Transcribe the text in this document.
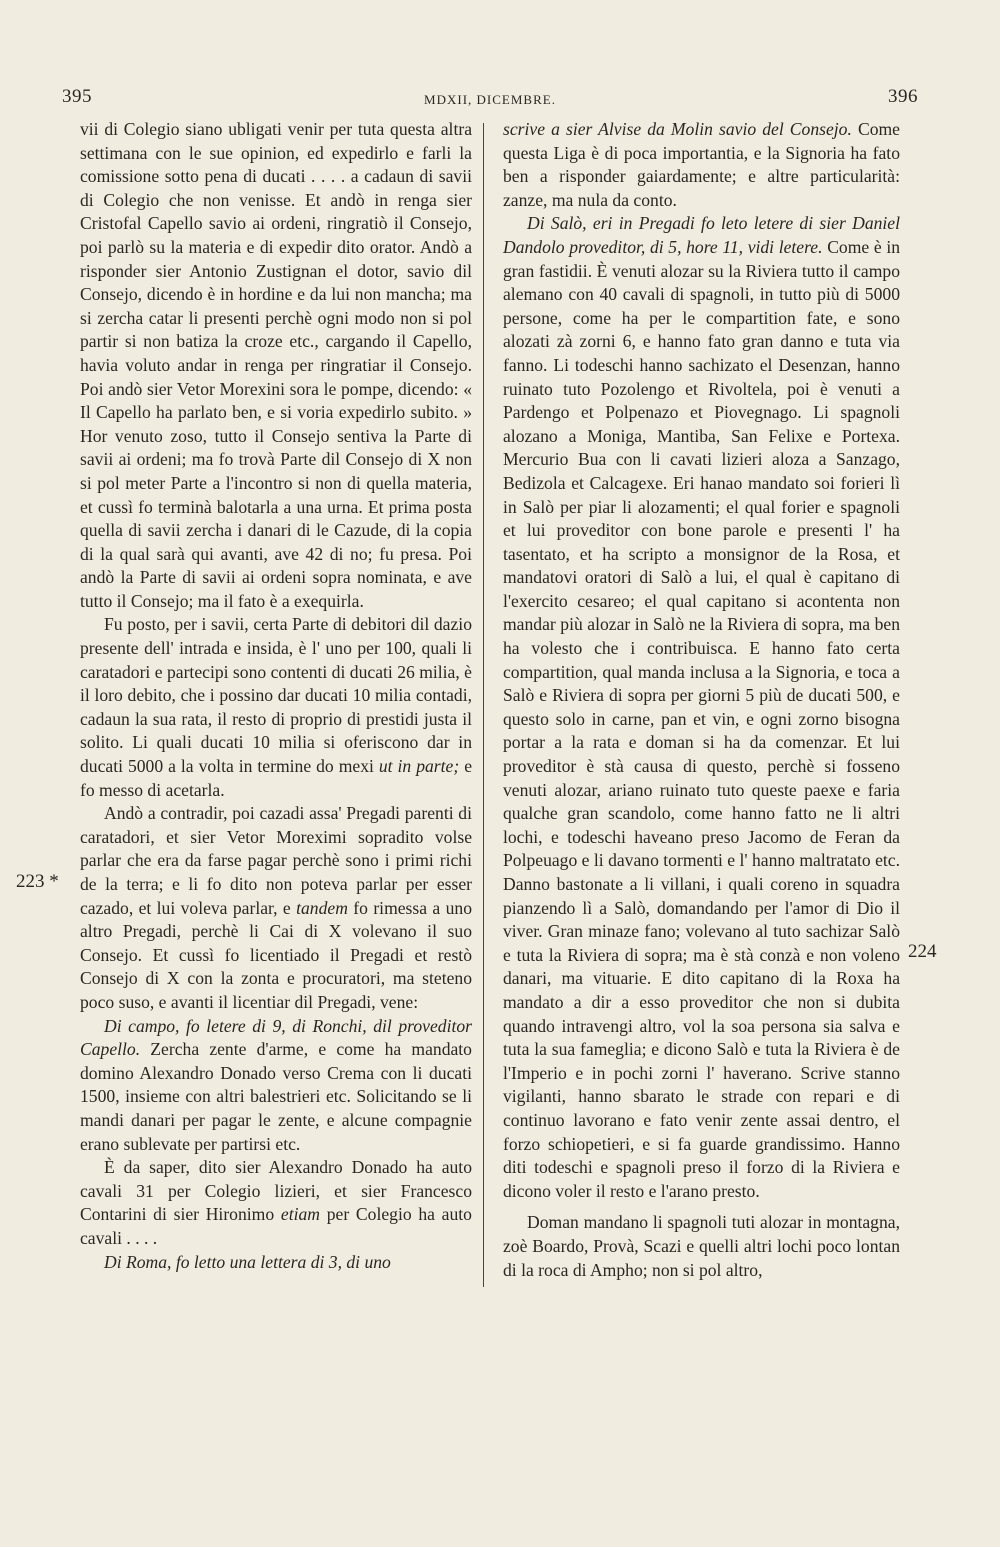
395	MDXII, DICEMBRE.	396
223 *
224

vii di Colegio siano ubligati venir per tuta questa altra settimana con le sue opinion, ed expedirlo e farli la comissione sotto pena di ducati . . . . a cadaun di savii di Colegio che non venisse. Et andò in renga sier Cristofal Capello savio ai ordeni, ringratiò il Consejo, poi parlò su la materia e di expedir dito orator. Andò a risponder sier Antonio Zustignan el dotor, savio dil Consejo, dicendo è in hordine e da lui non mancha; ma si zercha catar li presenti perchè ogni modo non si pol partir si non batiza la croze etc., cargando il Capello, havia voluto andar in renga per ringratiar il Consejo. Poi andò sier Vetor Morexini sora le pompe, dicendo: « Il Capello ha parlato ben, e si voria expedirlo subito. » Hor venuto zoso, tutto il Consejo sentiva la Parte di savii ai ordeni; ma fo trovà Parte dil Consejo di X non si pol meter Parte a l'incontro si non di quella materia, et cussì fo terminà balotarla a una urna. Et prima posta quella di savii zercha i danari di le Cazude, di la copia di la qual sarà qui avanti, ave 42 di no; fu presa. Poi andò la Parte di savii ai ordeni sopra nominata, e ave tutto il Consejo; ma il fato è a exequirla.

Fu posto, per i savii, certa Parte di debitori dil dazio presente dell' intrada e insida, è l' uno per 100, quali li caratadori e partecipi sono contenti di ducati 26 milia, è il loro debito, che i possino dar ducati 10 milia contadi, cadaun la sua rata, il resto di proprio di prestidi justa il solito. Li quali ducati 10 milia si oferiscono dar in ducati 5000 a la volta in termine do mexi ut in parte; e fo messo di acetarla.

Andò a contradir, poi cazadi assa' Pregadi parenti di caratadori, et sier Vetor Moreximi sopradito volse parlar che era da farse pagar perchè sono i primi richi de la terra; e li fo dito non poteva parlar per esser cazado, et lui voleva parlar, e tandem fo rimessa a uno altro Pregadi, perchè li Cai di X volevano il suo Consejo. Et cussì fo licentiado il Pregadi et restò Consejo di X con la zonta e procuratori, ma steteno poco suso, e avanti il licentiar dil Pregadi, vene:

Di campo, fo letere di 9, di Ronchi, dil proveditor Capello. Zercha zente d'arme, e come ha mandato domino Alexandro Donado verso Crema con li ducati 1500, insieme con altri balestrieri etc. Solicitando se li mandi danari per pagar le zente, e alcune compagnie erano sublevate per partirsi etc.

È da saper, dito sier Alexandro Donado ha auto cavali 31 per Colegio lizieri, et sier Francesco Contarini di sier Hironimo etiam per Colegio ha auto cavali . . . .

Di Roma, fo letto una lettera di 3, di uno

scrive a sier Alvise da Molin savio del Consejo. Come questa Liga è di poca importantia, e la Signoria ha fato ben a risponder gaiardamente; e altre particularità: zanze, ma nula da conto.

Di Salò, eri in Pregadi fo leto letere di sier Daniel Dandolo proveditor, di 5, hore 11, vidi letere. Come è in gran fastidii. È venuti alozar su la Riviera tutto il campo alemano con 40 cavali di spagnoli, in tutto più di 5000 persone, come ha per le compartition fate, e sono alozati zà zorni 6, e hanno fato gran danno e tuta via fanno. Li todeschi hanno sachizato el Desenzan, hanno ruinato tuto Pozolengo et Rivoltela, poi è venuti a Pardengo et Polpenazo et Piovegnago. Li spagnoli alozano a Moniga, Mantiba, San Felixe e Portexa. Mercurio Bua con li cavati lizieri aloza a Sanzago, Bedizola et Calcagexe. Eri hanao mandato soi forieri lì in Salò per piar li alozamenti; el qual forier e spagnoli et lui proveditor con bone parole e presenti l' ha tasentato, et ha scripto a monsignor de la Rosa, et mandatovi oratori di Salò a lui, el qual è capitano di l'exercito cesareo; el qual capitano si acontenta non mandar più alozar in Salò ne la Riviera di sopra, ma ben ha volesto che i contribuisca. E hanno fato certa compartition, qual manda inclusa a la Signoria, e toca a Salò e Riviera di sopra per giorni 5 più de ducati 500, e questo solo in carne, pan et vin, e ogni zorno bisogna portar a la rata e doman si ha da comenzar. Et lui proveditor è stà causa di questo, perchè si fosseno venuti alozar, ariano ruinato tuto queste paexe e faria qualche gran scandolo, come hanno fatto ne li altri lochi, e todeschi haveano preso Jacomo de Feran da Polpeuago e li davano tormenti e l' hanno maltratato etc. Danno bastonate a li villani, i quali coreno in squadra pianzendo lì a Salò, domandando per l'amor di Dio il viver. Gran minaze fano; volevano al tuto sachizar Salò e tuta la Riviera di sopra; ma è stà conzà e non voleno danari, ma vituarie. E dito capitano di la Roxa ha mandato a dir a esso proveditor che non si dubita quando intravengi altro, vol la soa persona sia salva e tuta la sua fameglia; e dicono Salò e tuta la Riviera è de l'Imperio e in pochi zorni l' haverano. Scrive stanno vigilanti, hanno sbarato le strade con repari e di continuo lavorano e fato venir zente assai dentro, el forzo schiopetieri, e si fa guarde grandissimo. Hanno diti todeschi e spagnoli preso il forzo di la Riviera e dicono voler il resto e l'arano presto.

Doman mandano li spagnoli tuti alozar in montagna, zoè Boardo, Provà, Scazi e quelli altri lochi poco lontan di la roca di Ampho; non si pol altro,
